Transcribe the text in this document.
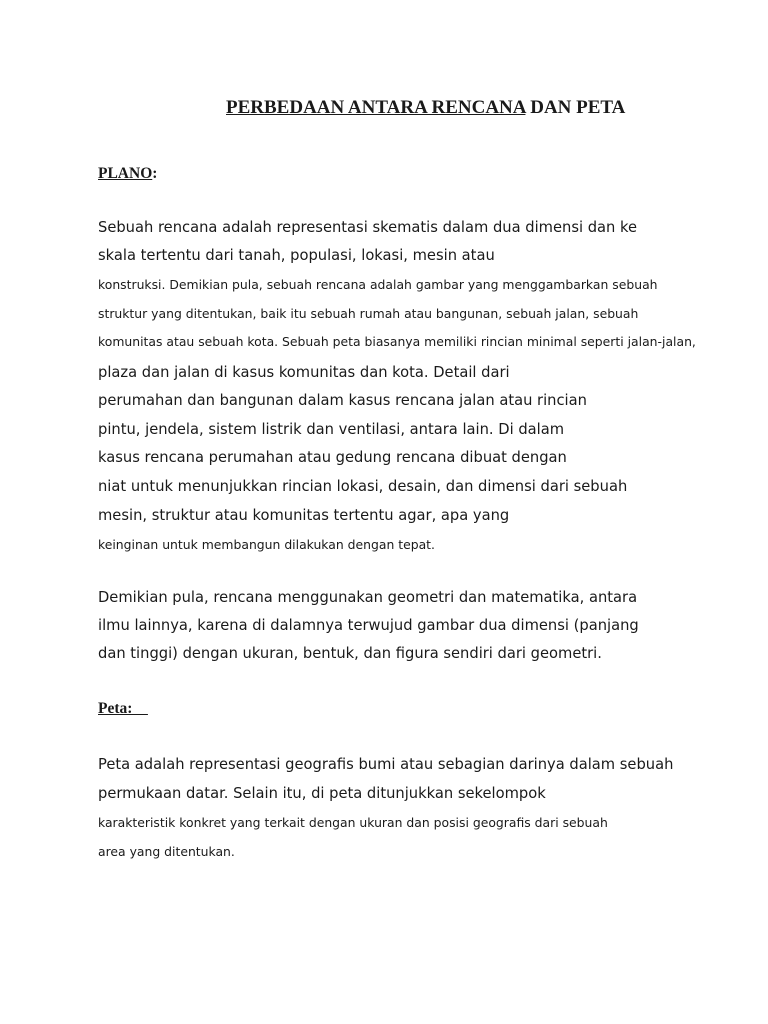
PERBEDAAN ANTARA RENCANA DAN PETA
PLANO:
Sebuah rencana adalah representasi skematis dalam dua dimensi dan ke
skala tertentu dari tanah, populasi, lokasi, mesin atau
konstruksi. Demikian pula, sebuah rencana adalah gambar yang menggambarkan sebuah
struktur yang ditentukan, baik itu sebuah rumah atau bangunan, sebuah jalan, sebuah
komunitas atau sebuah kota. Sebuah peta biasanya memiliki rincian minimal seperti jalan-jalan,
plaza dan jalan di kasus komunitas dan kota. Detail dari
perumahan dan bangunan dalam kasus rencana jalan atau rincian
pintu, jendela, sistem listrik dan ventilasi, antara lain. Di dalam
kasus rencana perumahan atau gedung rencana dibuat dengan
niat untuk menunjukkan rincian lokasi, desain, dan dimensi dari sebuah
mesin, struktur atau komunitas tertentu agar, apa yang
keinginan untuk membangun dilakukan dengan tepat.
Demikian pula, rencana menggunakan geometri dan matematika, antara
ilmu lainnya, karena di dalamnya terwujud gambar dua dimensi (panjang
dan tinggi) dengan ukuran, bentuk, dan figura sendiri dari geometri.
Peta:
Peta adalah representasi geografis bumi atau sebagian darinya dalam sebuah
permukaan datar. Selain itu, di peta ditunjukkan sekelompok
karakteristik konkret yang terkait dengan ukuran dan posisi geografis dari sebuah
area yang ditentukan.
